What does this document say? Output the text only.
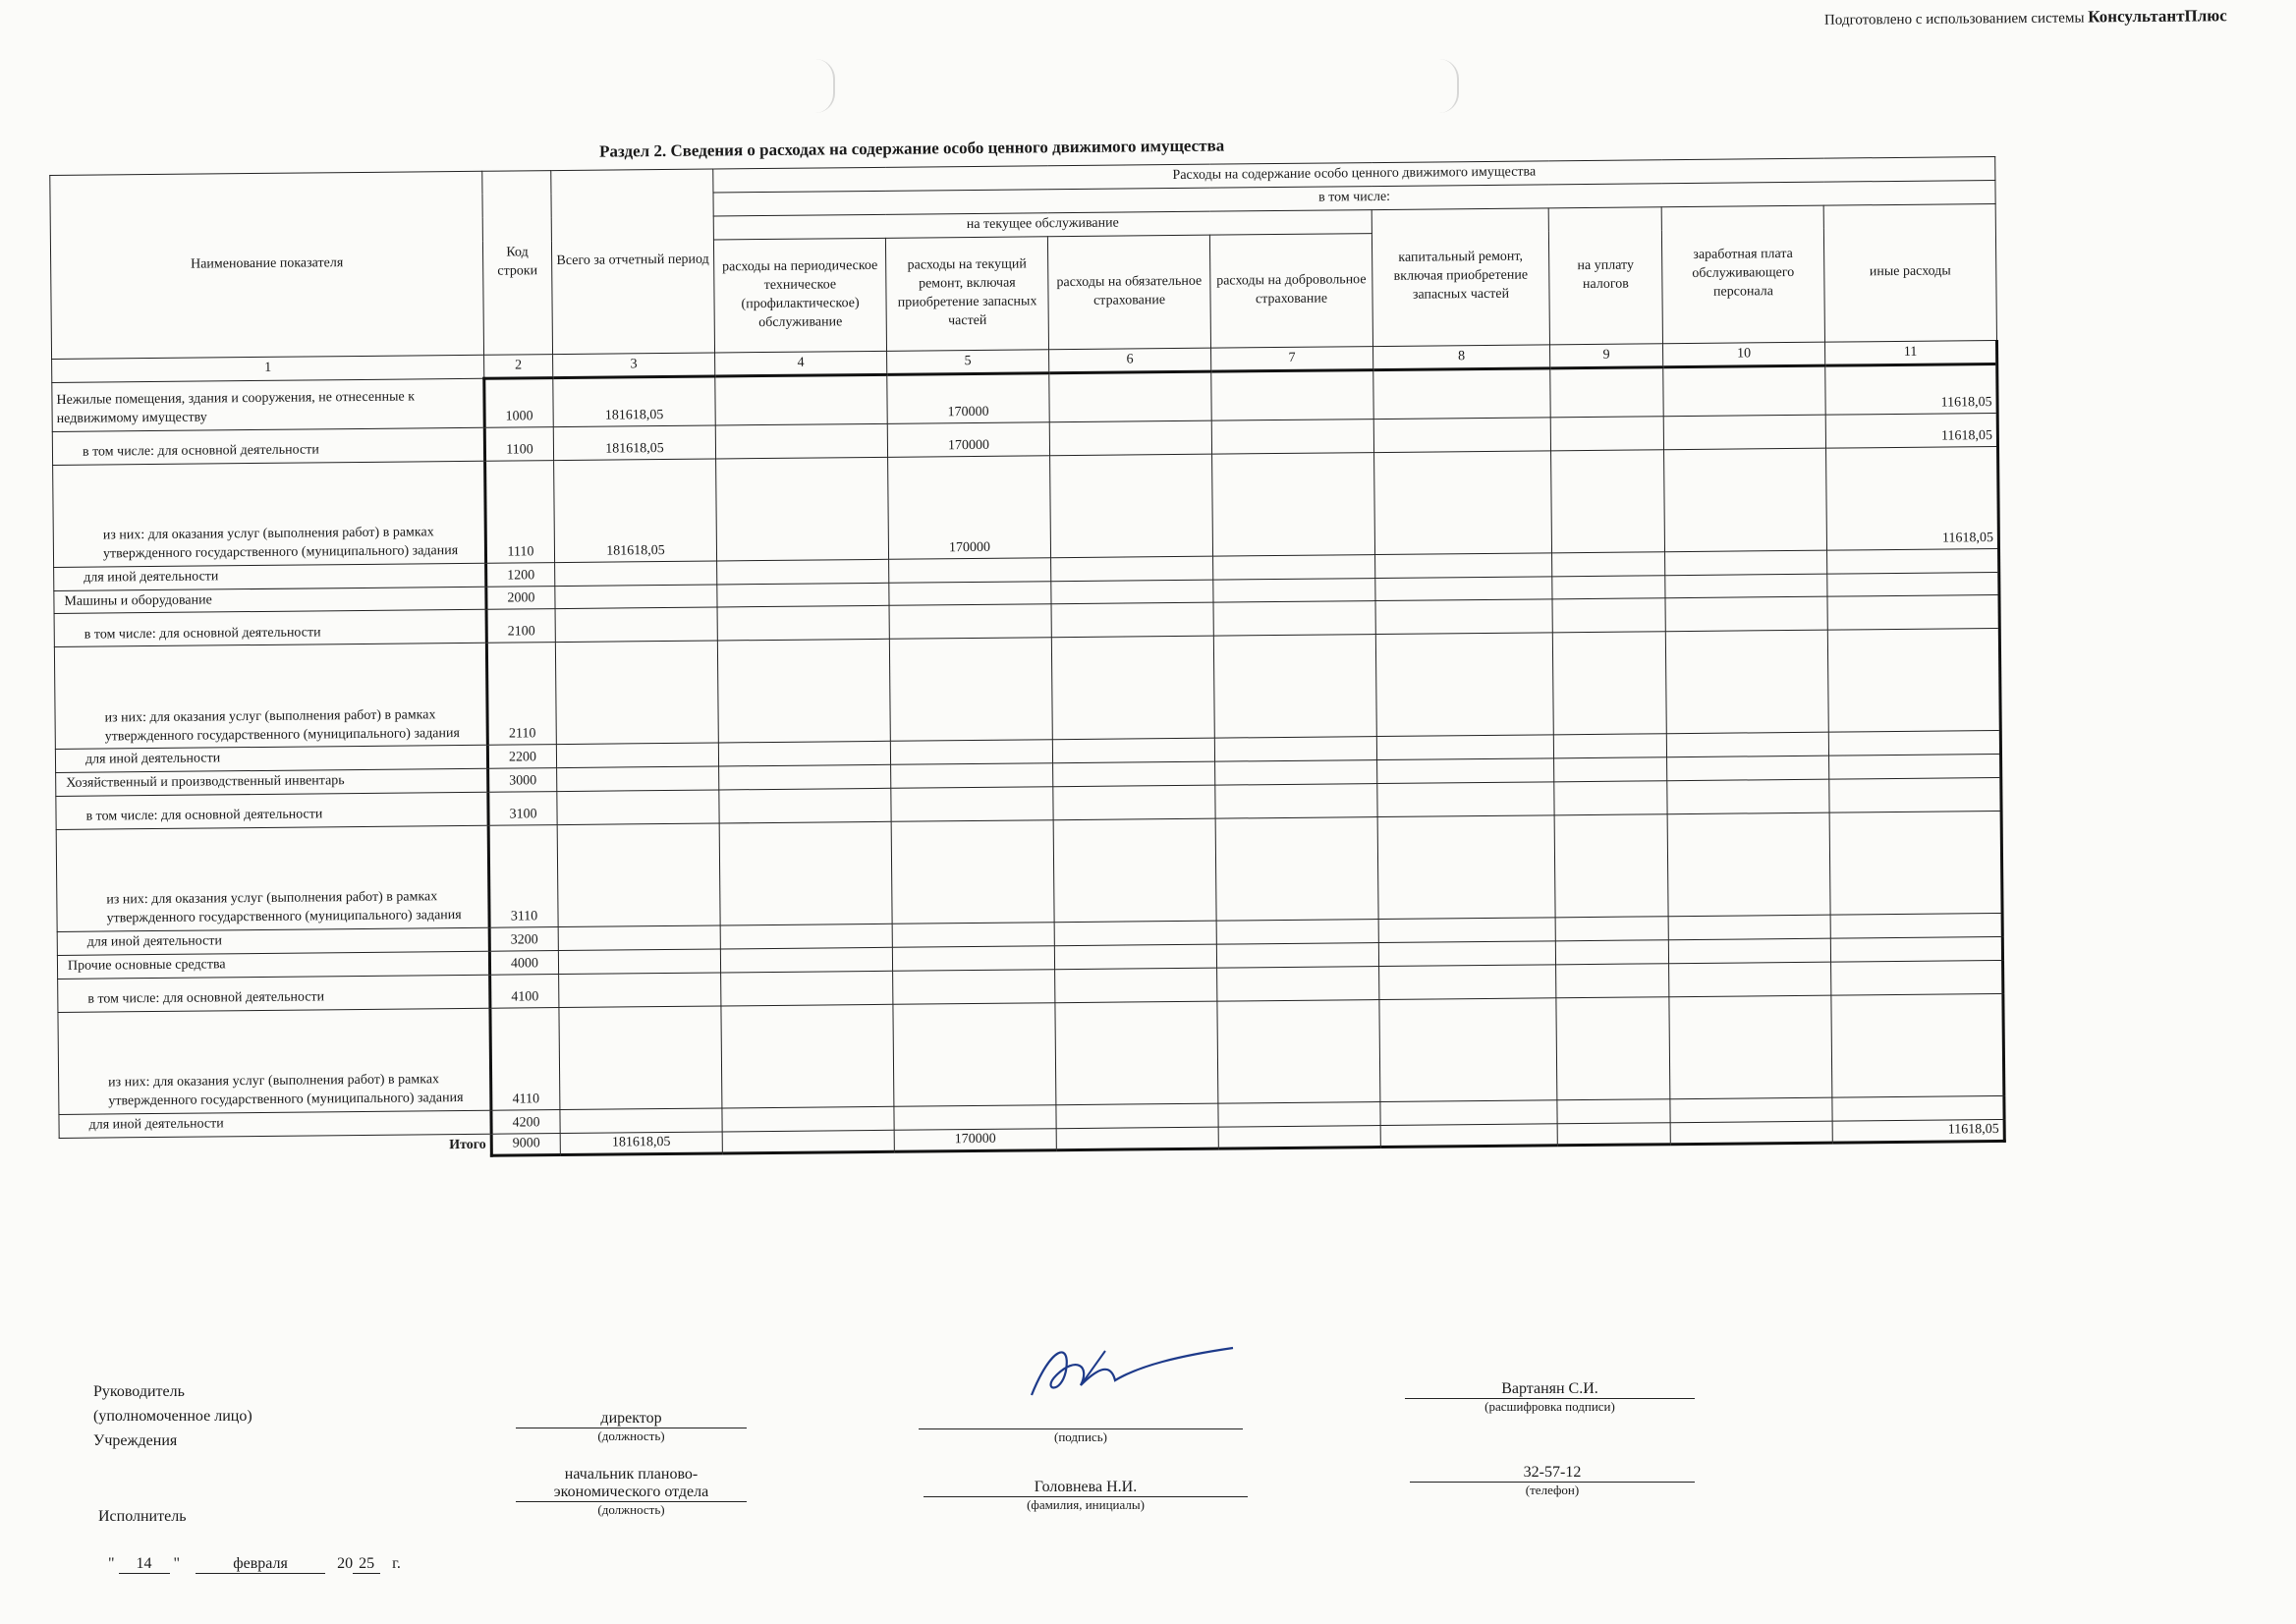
Подготовлено с использованием системы КонсультантПлюс
Раздел 2. Сведения о расходах на содержание особо ценного движимого имущества
Наименование показателя	Код строки	Всего за отчетный период	Расходы на содержание особо ценного движимого имущества							
			в том числе:							
			на текущее обслуживание				капитальный ремонт, включая приобретение запасных частей	на уплату налогов	заработная плата обслуживающего персонала	иные расходы
			расходы на периодическое техническое (профилактическое) обслуживание	расходы на текущий ремонт, включая приобретение запасных частей	расходы на обязательное страхование	расходы на добровольное страхование				
1	2	3	4	5	6	7	8	9	10	11
Нежилые помещения, здания и сооружения, не отнесенные к недвижимому имуществу	1000	181618,05		170000						11618,05
в том числе: для основной деятельности	1100	181618,05		170000						11618,05
из них: для оказания услуг (выполнения работ) в рамках утвержденного государственного (муниципального) задания	1110	181618,05		170000						11618,05
для иной деятельности	1200									
Машины и оборудование	2000									
в том числе: для основной деятельности	2100									
из них: для оказания услуг (выполнения работ) в рамках утвержденного государственного (муниципального) задания	2110									
для иной деятельности	2200									
Хозяйственный и производственный инвентарь	3000									
в том числе: для основной деятельности	3100									
из них: для оказания услуг (выполнения работ) в рамках утвержденного государственного (муниципального) задания	3110									
для иной деятельности	3200									
Прочие основные средства	4000									
в том числе: для основной деятельности	4100									
из них: для оказания услуг (выполнения работ) в рамках утвержденного государственного (муниципального) задания	4110									
для иной деятельности	4200									
Итого	9000	181618,05		170000						11618,05
Руководитель
(уполномоченное лицо)
Учреждения
директор
(должность)	(подпись)
Вартанян С.И.
(расшифровка подписи)
Исполнитель
начальник планово-
экономического отдела
(должность)
Головнева Н.И.
(фамилия, инициалы)
32-57-12
(телефон)
" 14 "	февраля	20 25 г.
